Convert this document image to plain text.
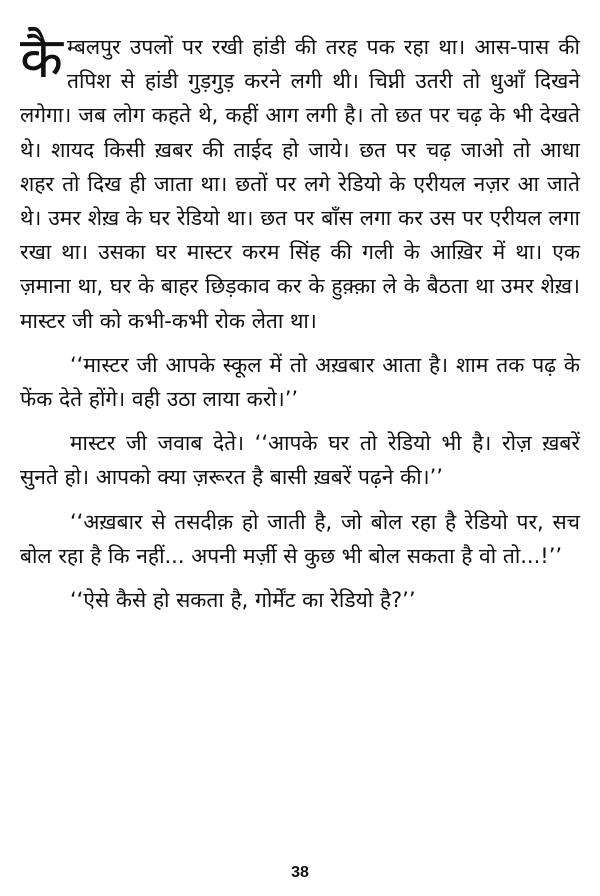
कैम्बलपुर उपलों पर रखी हांडी की तरह पक रहा था। आस-पास की तपिश से हांडी गुड़गुड़ करने लगी थी। चिप्नी उतरी तो धुआँ दिखने लगेगा। जब लोग कहते थे, कहीं आग लगी है। तो छत पर चढ़ के भी देखते थे। शायद किसी ख़बर की ताईद हो जाये। छत पर चढ़ जाओ तो आधा शहर तो दिख ही जाता था। छतों पर लगे रेडियो के एरीयल नज़र आ जाते थे। उमर शेख़ के घर रेडियो था। छत पर बाँस लगा कर उस पर एरीयल लगा रखा था। उसका घर मास्टर करम सिंह की गली के आख़िर में था। एक ज़माना था, घर के बाहर छिड़काव कर के हुक़्क़ा ले के बैठता था उमर शेख़। मास्टर जी को कभी-कभी रोक लेता था।

‘‘मास्टर जी आपके स्कूल में तो अख़बार आता है। शाम तक पढ़ के फेंक देते होंगे। वही उठा लाया करो।’’

मास्टर जी जवाब देते। ‘‘आपके घर तो रेडियो भी है। रोज़ ख़बरें सुनते हो। आपको क्या ज़रूरत है बासी ख़बरें पढ़ने की।’’

‘‘अख़बार से तसदीक़ हो जाती है, जो बोल रहा है रेडियो पर, सच बोल रहा है कि नहीं... अपनी मर्ज़ी से कुछ भी बोल सकता है वो तो...!’’

‘‘ऐसे कैसे हो सकता है, गोर्मेंट का रेडियो है?’’

38
